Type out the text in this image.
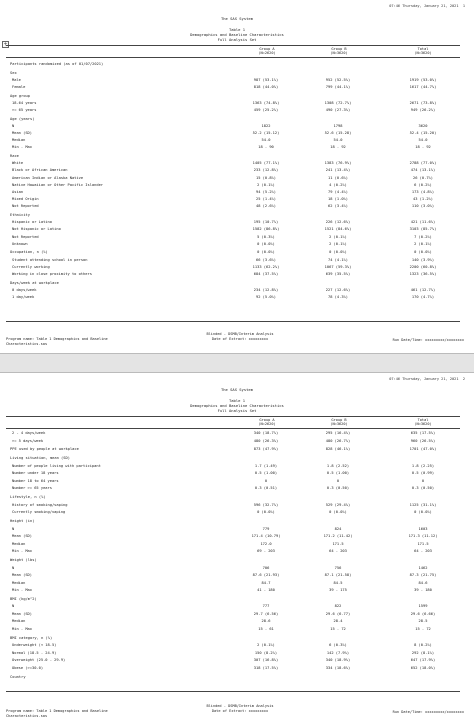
07:46 Thursday, January 21, 2021 1
The SAS System
Table 1
Demographics and Baseline Characteristics
Full Analysis Set
+
Group A
(N=2620)
Group B
(N=3620)
Total
(N=3620)
Participants randomized (as of 01/07/2021)
Sex
Male	987 (53.1%)	952 (52.5%)	1919 (53.0%)
Female	818 (44.0%)	799 (44.1%)	1617 (44.7%)
Age group
18-64 years	1363 (74.8%)	1308 (72.7%)	2671 (73.8%)
>= 65 years	459 (25.2%)	490 (27.3%)	949 (26.2%)
Age (years)
N	1822	1798	3620
Mean (SD)	52.2 (15.12)	52.6 (15.28)	52.4 (15.20)
Median	54.0	54.0	54.0
Min - Max	18 - 90	18 - 92	18 - 92
Race
White	1405 (77.1%)	1383 (76.9%)	2788 (77.0%)
Black or African American	233 (12.8%)	241 (13.4%)	474 (13.1%)
American Indian or Alaska Native	15 (0.8%)	11 (0.6%)	26 (0.7%)
Native Hawaiian or Other Pacific Islander	2 (0.1%)	4 (0.2%)	6 (0.2%)
Asian	94 (5.2%)	79 (4.4%)	173 (4.8%)
Mixed Origin	25 (1.4%)	18 (1.0%)	43 (1.2%)
Not Reported	48 (2.6%)	62 (3.4%)	110 (3.0%)
Ethnicity
Hispanic or Latino	195 (10.7%)	226 (12.6%)	421 (11.6%)
Not Hispanic or Latino	1582 (86.8%)	1521 (84.6%)	3103 (85.7%)
Not Reported	5 (0.3%)	2 (0.1%)	7 (0.2%)
Unknown	0 (0.0%)	2 (0.1%)	2 (0.1%)
Occupation, n (%)	0 (0.0%)	0 (0.0%)	0 (0.0%)
Student attending school in person	66 (3.6%)	74 (4.1%)	140 (3.9%)
Currently working	1133 (62.2%)	1067 (59.3%)	2200 (60.8%)
Working in close proximity to others	684 (37.5%)	639 (35.5%)	1323 (36.5%)
Days/week at workplace
0 days/week	234 (12.8%)	227 (12.6%)	461 (12.7%)
1 day/week	92 (5.0%)	78 (4.3%)	170 (4.7%)
Blinded - DSMB/Interim Analysis
Date of Extract: xxxxxxxxx
Program name: Table 1 Demographics and Baseline
Characteristics.sas
Run Date/Time: xxxxxxxxx/xxxxxxxx
07:46 Thursday, January 21, 2021 2
The SAS System
Table 1
Demographics and Baseline Characteristics
Full Analysis Set
Group A
(N=2620)
Group B
(N=3620)
Total
(N=3620)
2 - 4 days/week	340 (18.7%)	295 (16.4%)	635 (17.5%)
>= 5 days/week	480 (26.3%)	480 (26.7%)	960 (26.5%)
PPE used by people at workplace	873 (47.9%)	828 (46.1%)	1701 (47.0%)
Living situation, mean (SD)
Number of people living with participant	1.7 (1.49)	1.8 (2.52)	1.8 (2.25)
Number under 18 years	0.5 (1.00)	0.5 (1.00)	0.5 (0.99)
Number 18 to 64 years	0	0	0
Number >= 65 years	0.3 (0.51)	0.3 (0.50)	0.3 (0.50)
Lifestyle, n (%)
History of smoking/vaping	596 (32.7%)	529 (29.4%)	1125 (31.1%)
Currently smoking/vaping	0 (0.0%)	0 (0.0%)	0 (0.0%)
Height (in)
N	779	824	1603
Mean (SD)	171.4 (10.79)	171.2 (11.42)	171.3 (11.12)
Median	172.0	171.5	171.5
Min - Max	69 - 203	64 - 203	64 - 203
Weight (lbs)
N	706	756	1462
Mean (SD)	87.6 (21.93)	87.1 (21.58)	87.3 (21.75)
Median	84.7	84.5	84.6
Min - Max	41 - 180	39 - 175	39 - 180
BMI (kg/m^2)
N	777	822	1599
Mean (SD)	29.7 (6.56)	29.6 (6.77)	29.6 (6.66)
Median	28.6	28.4	28.5
Min - Max	15 - 61	15 - 72	15 - 72
BMI category, n (%)
Underweight (< 18.5)	2 (0.1%)	6 (0.3%)	8 (0.2%)
Normal (18.5 - 24.9)	150 (8.2%)	142 (7.9%)	292 (8.1%)
Overweight (25.0 - 29.9)	307 (16.8%)	340 (18.9%)	647 (17.9%)
Obese (>=30.0)	318 (17.5%)	334 (18.6%)	652 (18.0%)
Country
Blinded - DSMB/Interim Analysis
Date of Extract: xxxxxxxxx
Program name: Table 1 Demographics and Baseline
Characteristics.sas
Run Date/Time: xxxxxxxxx/xxxxxxxx
